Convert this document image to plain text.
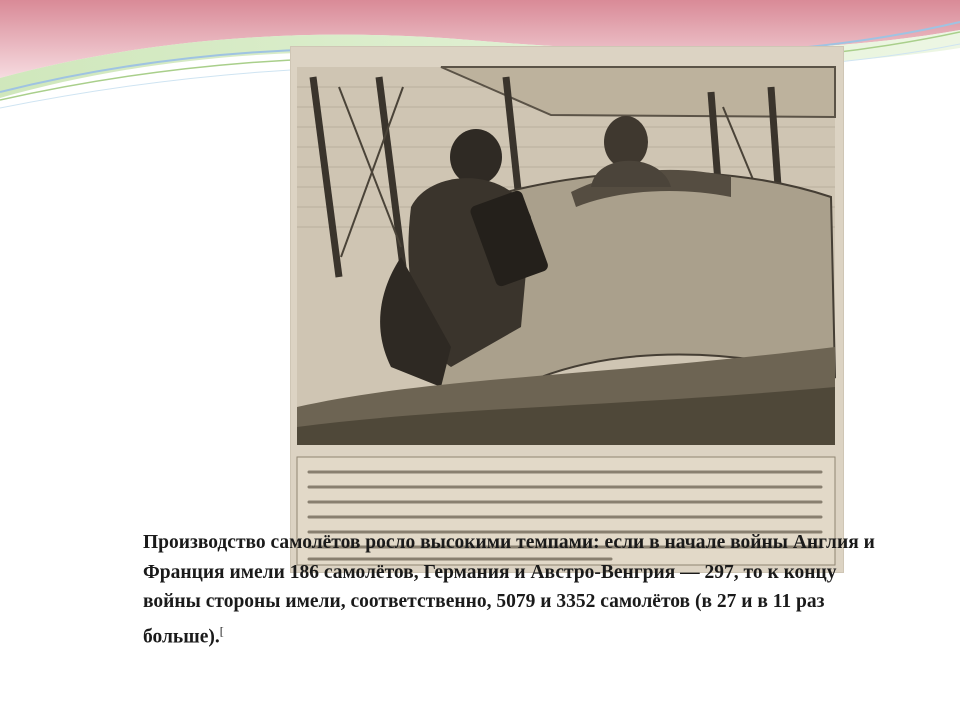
Производство самолётов росло высокими темпами: если в начале войны Англия и Франция имели 186 самолётов, Германия и Австро-Венгрия — 297, то к концу войны стороны имели, соответственно, 5079 и 3352 самолётов (в 27 и в 11 раз больше).[
